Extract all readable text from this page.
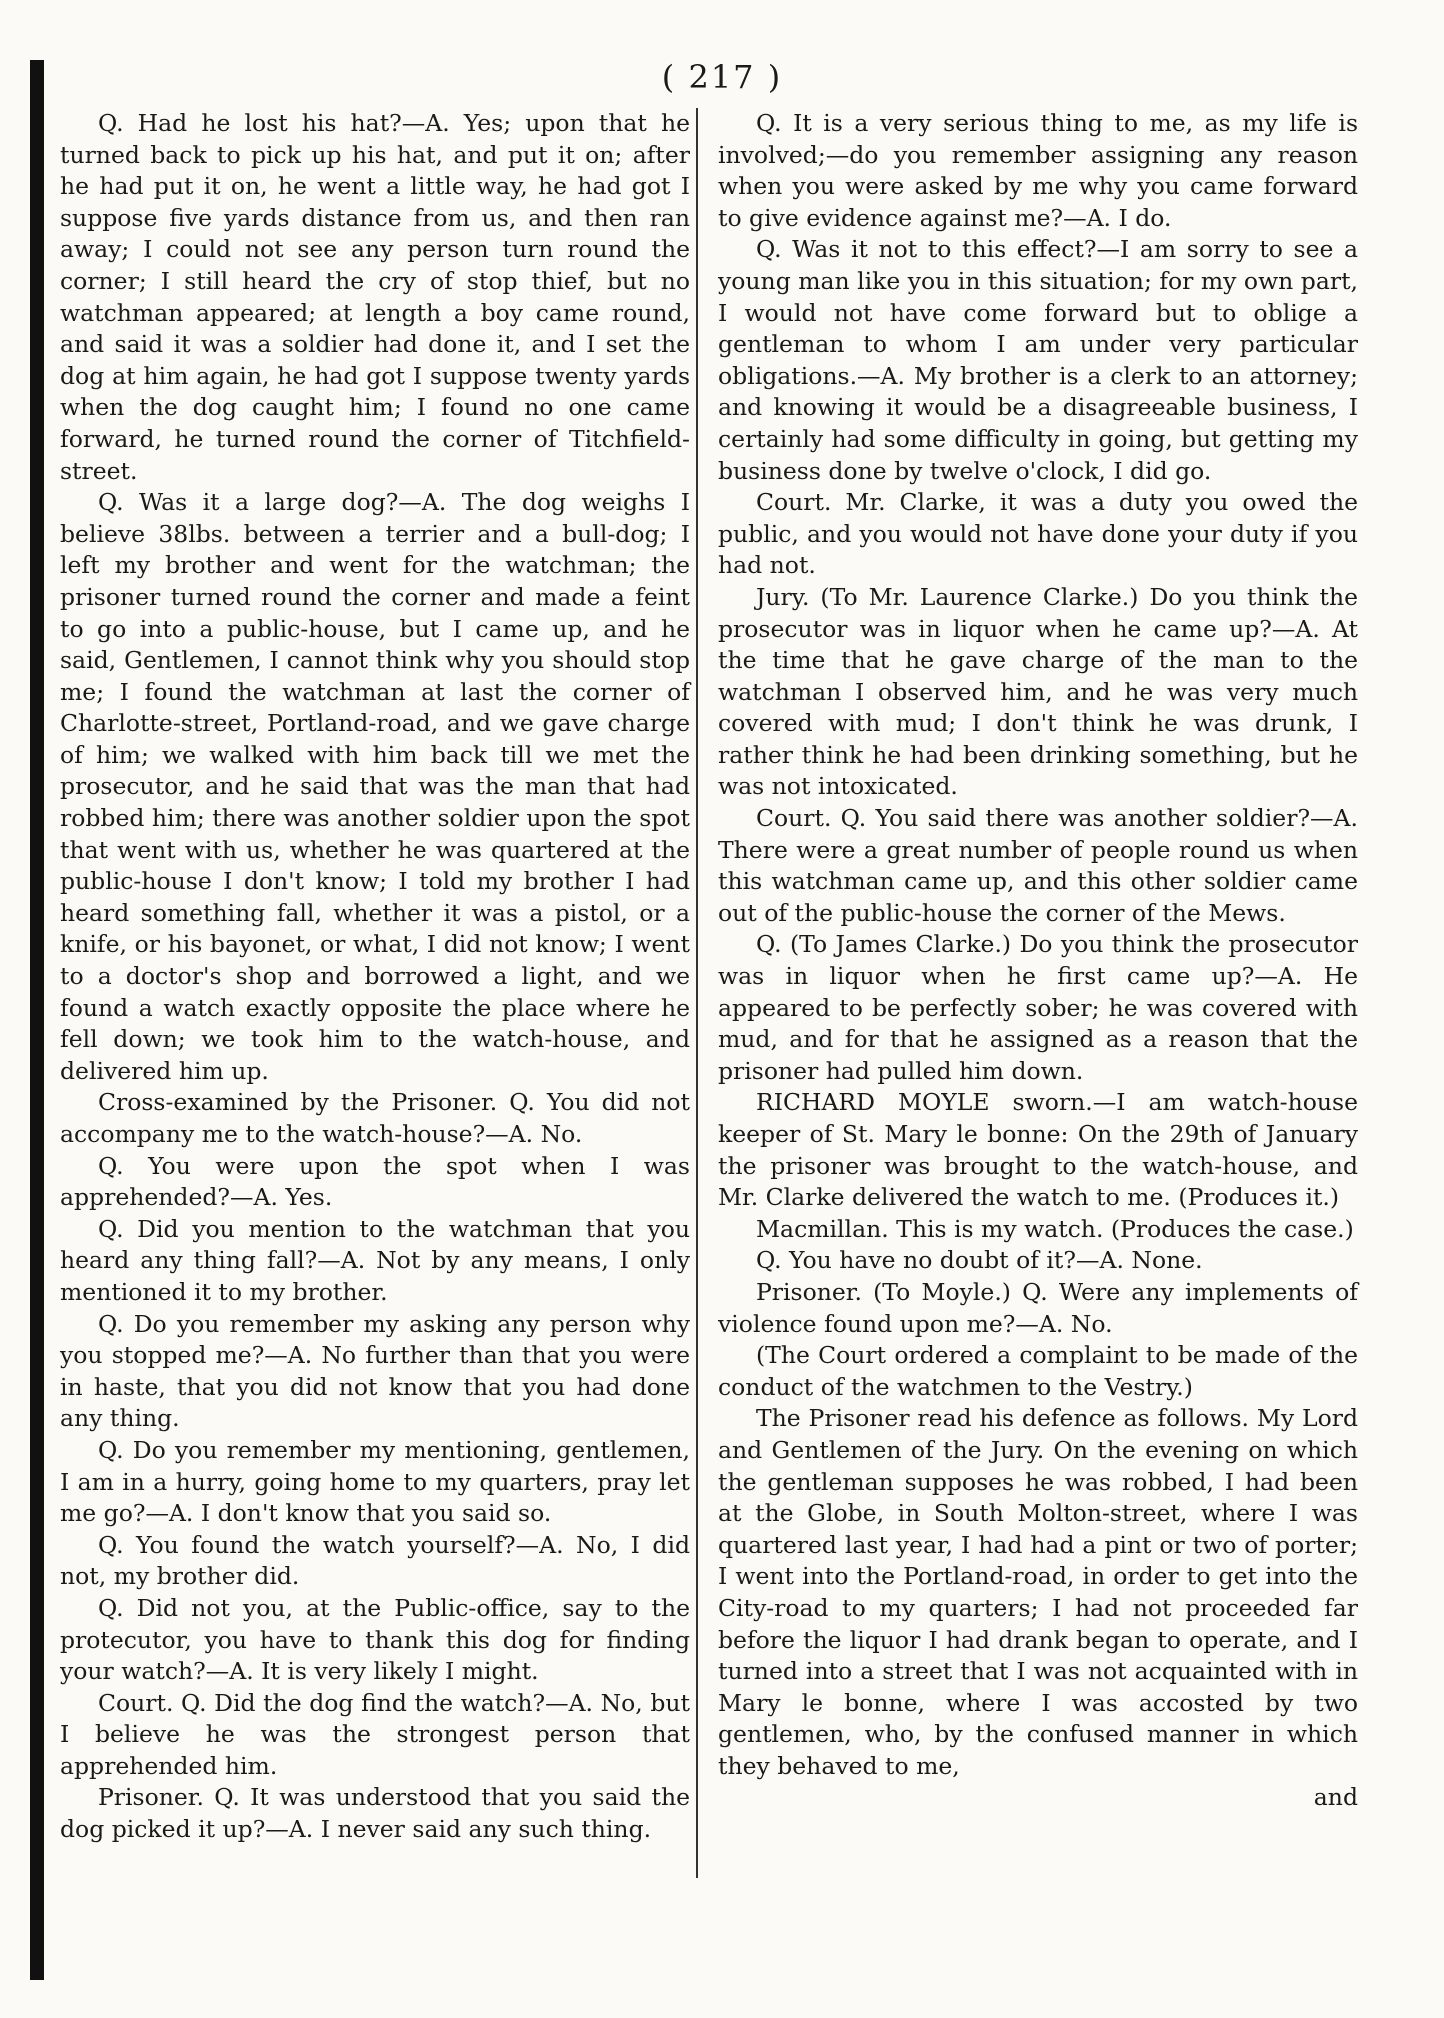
( 217 )

Q. Had he lost his hat?—A. Yes; upon that he turned back to pick up his hat, and put it on; after he had put it on, he went a little way, he had got I suppose five yards distance from us, and then ran away; I could not see any person turn round the corner; I still heard the cry of stop thief, but no watchman appeared; at length a boy came round, and said it was a soldier had done it, and I set the dog at him again, he had got I suppose twenty yards when the dog caught him; I found no one came forward, he turned round the corner of Titchfield-street.

Q. Was it a large dog?—A. The dog weighs I believe 38lbs. between a terrier and a bull-dog; I left my brother and went for the watchman; the prisoner turned round the corner and made a feint to go into a public-house, but I came up, and he said, Gentlemen, I cannot think why you should stop me; I found the watchman at last the corner of Charlotte-street, Portland-road, and we gave charge of him; we walked with him back till we met the prosecutor, and he said that was the man that had robbed him; there was another soldier upon the spot that went with us, whether he was quartered at the public-house I don't know; I told my brother I had heard something fall, whether it was a pistol, or a knife, or his bayonet, or what, I did not know; I went to a doctor's shop and borrowed a light, and we found a watch exactly opposite the place where he fell down; we took him to the watch-house, and delivered him up.

Cross-examined by the Prisoner. Q. You did not accompany me to the watch-house?—A. No.

Q. You were upon the spot when I was apprehended?—A. Yes.

Q. Did you mention to the watchman that you heard any thing fall?—A. Not by any means, I only mentioned it to my brother.

Q. Do you remember my asking any person why you stopped me?—A. No further than that you were in haste, that you did not know that you had done any thing.

Q. Do you remember my mentioning, gentlemen, I am in a hurry, going home to my quarters, pray let me go?—A. I don't know that you said so.

Q. You found the watch yourself?—A. No, I did not, my brother did.

Q. Did not you, at the Public-office, say to the protecutor, you have to thank this dog for finding your watch?—A. It is very likely I might.

Court. Q. Did the dog find the watch?—A. No, but I believe he was the strongest person that apprehended him.

Prisoner. Q. It was understood that you said the dog picked it up?—A. I never said any such thing.

Q. It is a very serious thing to me, as my life is involved;—do you remember assigning any reason when you were asked by me why you came forward to give evidence against me?—A. I do.

Q. Was it not to this effect?—I am sorry to see a young man like you in this situation; for my own part, I would not have come forward but to oblige a gentleman to whom I am under very particular obligations.—A. My brother is a clerk to an attorney; and knowing it would be a disagreeable business, I certainly had some difficulty in going, but getting my business done by twelve o'clock, I did go.

Court. Mr. Clarke, it was a duty you owed the public, and you would not have done your duty if you had not.

Jury. (To Mr. Laurence Clarke.) Do you think the prosecutor was in liquor when he came up?—A. At the time that he gave charge of the man to the watchman I observed him, and he was very much covered with mud; I don't think he was drunk, I rather think he had been drinking something, but he was not intoxicated.

Court. Q. You said there was another soldier?—A. There were a great number of people round us when this watchman came up, and this other soldier came out of the public-house the corner of the Mews.

Q. (To James Clarke.) Do you think the prosecutor was in liquor when he first came up?—A. He appeared to be perfectly sober; he was covered with mud, and for that he assigned as a reason that the prisoner had pulled him down.

RICHARD MOYLE sworn.—I am watch-house keeper of St. Mary le bonne: On the 29th of January the prisoner was brought to the watch-house, and Mr. Clarke delivered the watch to me. (Produces it.)

Macmillan. This is my watch. (Produces the case.)

Q. You have no doubt of it?—A. None.

Prisoner. (To Moyle.) Q. Were any implements of violence found upon me?—A. No.

(The Court ordered a complaint to be made of the conduct of the watchmen to the Vestry.)

The Prisoner read his defence as follows. My Lord and Gentlemen of the Jury. On the evening on which the gentleman supposes he was robbed, I had been at the Globe, in South Molton-street, where I was quartered last year, I had had a pint or two of porter; I went into the Portland-road, in order to get into the City-road to my quarters; I had not proceeded far before the liquor I had drank began to operate, and I turned into a street that I was not acquainted with in Mary le bonne, where I was accosted by two gentlemen, who, by the confused manner in which they behaved to me,

and
